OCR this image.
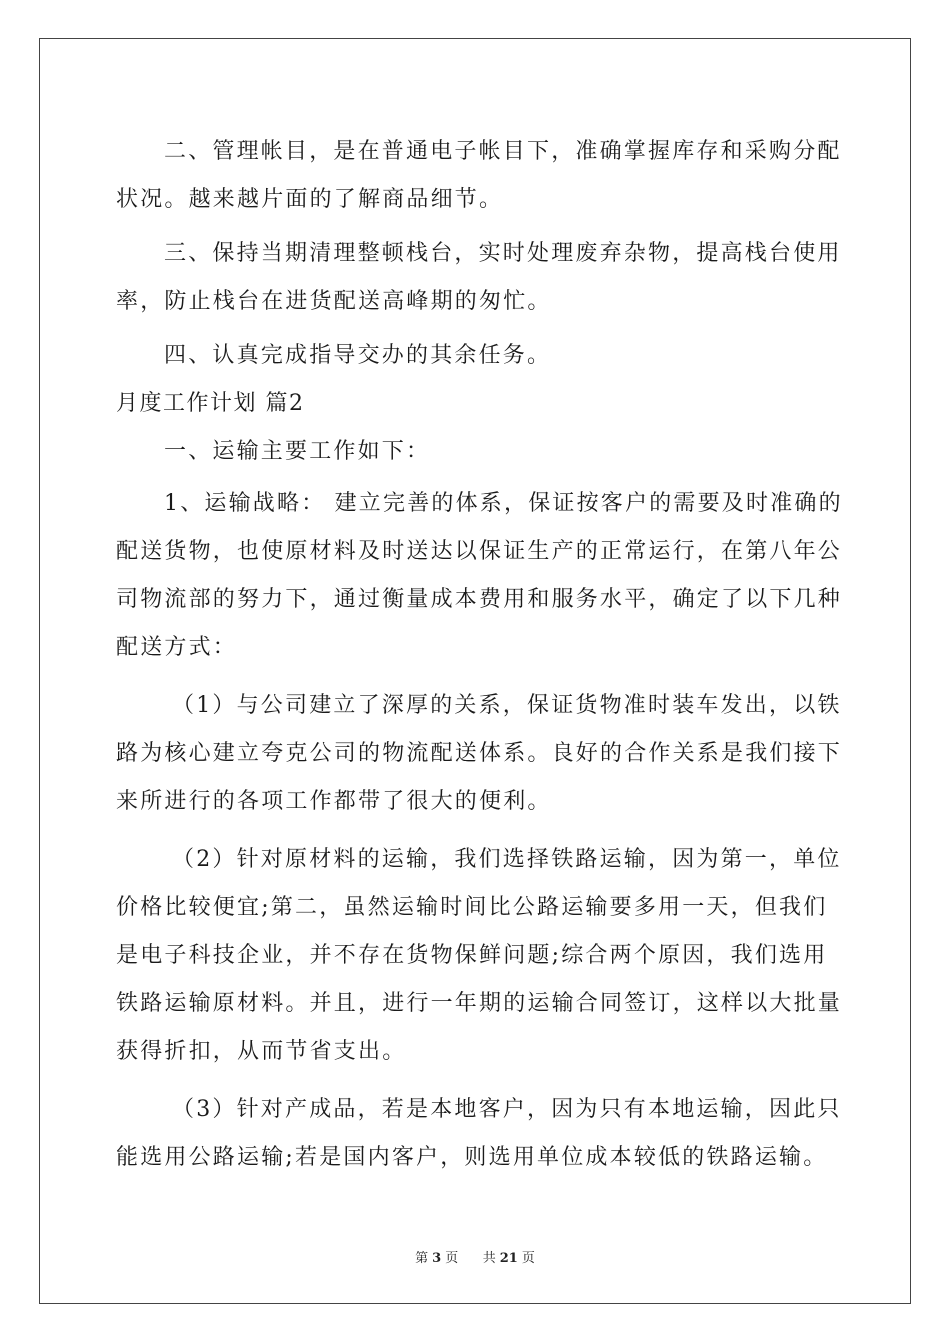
二、管理帐目，是在普通电子帐目下，准确掌握库存和采购分配
状况。越来越片面的了解商品细节。
三、保持当期清理整顿栈台，实时处理废弃杂物，提高栈台使用
率，防止栈台在进货配送高峰期的匆忙。
四、认真完成指导交办的其余任务。
月度工作计划 篇2
一、运输主要工作如下：
1、运输战略： 建立完善的体系，保证按客户的需要及时准确的
配送货物，也使原材料及时送达以保证生产的正常运行，在第八年公
司物流部的努力下，通过衡量成本费用和服务水平，确定了以下几种
配送方式：
（1）与公司建立了深厚的关系，保证货物准时装车发出，以铁
路为核心建立夸克公司的物流配送体系。良好的合作关系是我们接下
来所进行的各项工作都带了很大的便利。
（2）针对原材料的运输，我们选择铁路运输，因为第一，单位
价格比较便宜;第二，虽然运输时间比公路运输要多用一天，但我们
是电子科技企业，并不存在货物保鲜问题;综合两个原因，我们选用
铁路运输原材料。并且，进行一年期的运输合同签订，这样以大批量
获得折扣，从而节省支出。
（3）针对产成品，若是本地客户，因为只有本地运输，因此只
能选用公路运输;若是国内客户，则选用单位成本较低的铁路运输。
第 3 页 共 21 页
